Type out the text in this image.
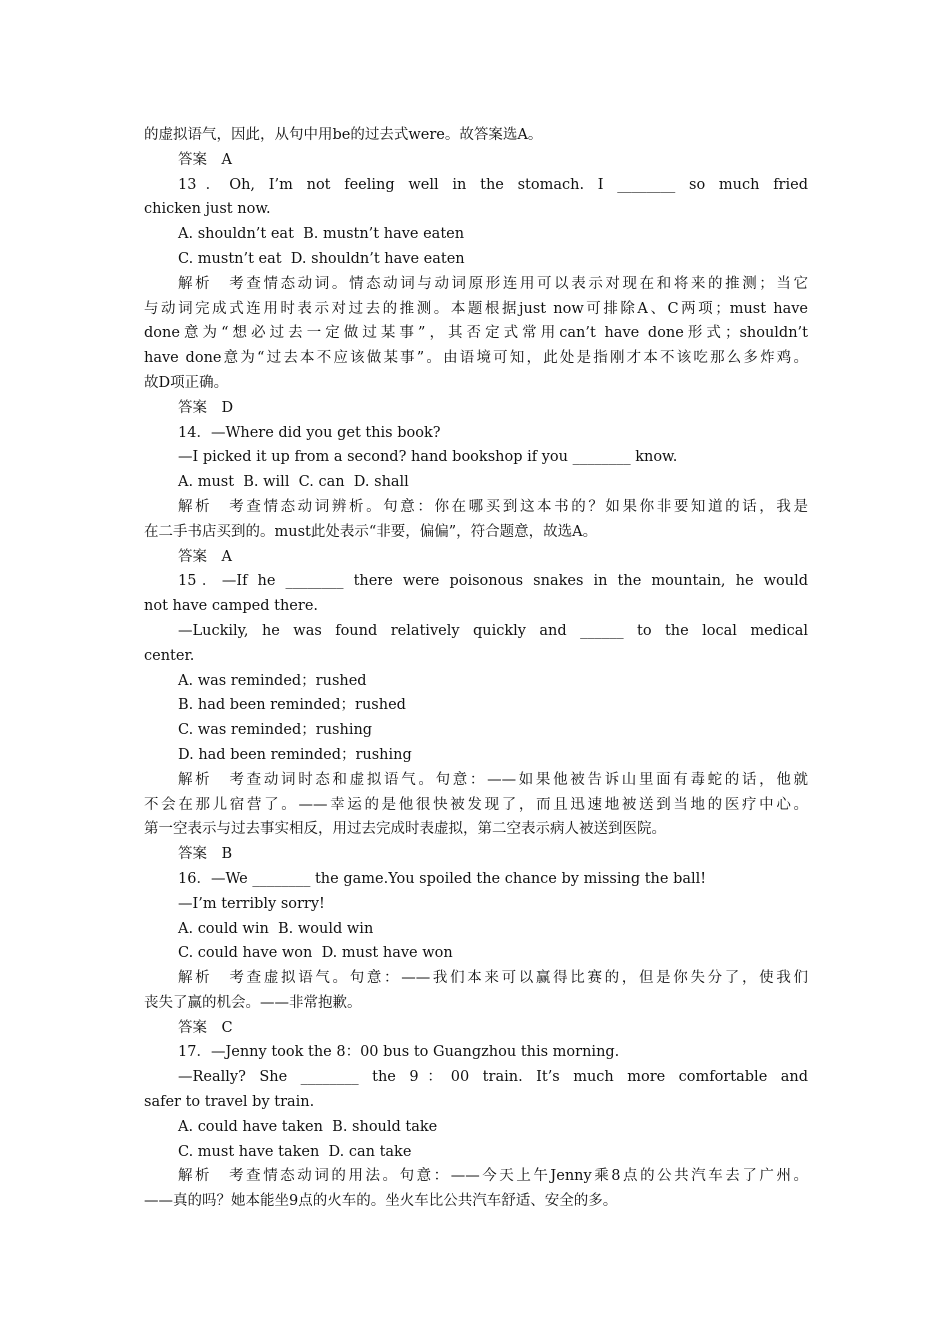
的虚拟语气，因此，从句中用be的过去式were。故答案选A。
答案　A
13．Oh, I’m not feeling well in the stomach. I ________ so much fried
chicken just now.
A. shouldn’t eat  B. mustn’t have eaten
C. mustn’t eat  D. shouldn’t have eaten
解析　考查情态动词。情态动词与动词原形连用可以表示对现在和将来的推测；当它
与动词完成式连用时表示对过去的推测。本题根据just now可排除A、C两项；must have
done意为“想必过去一定做过某事”，其否定式常用can’t have done形式；shouldn’t
have done意为“过去本不应该做某事”。由语境可知，此处是指刚才本不该吃那么多炸鸡。
故D项正确。
答案　D
14．—Where did you get this book?
—I picked it up from a second? hand bookshop if you ________ know.
A. must  B. will  C. can  D. shall
解析　考查情态动词辨析。句意：你在哪买到这本书的？如果你非要知道的话，我是
在二手书店买到的。must此处表示“非要，偏偏”，符合题意，故选A。
答案　A
15．—If he ________ there were poisonous snakes in the mountain, he would
not have camped there.
—Luckily, he was found relatively quickly and ______ to the local medical
center.
A. was reminded；rushed
B. had been reminded；rushed
C. was reminded；rushing
D. had been reminded；rushing
解析　考查动词时态和虚拟语气。句意：——如果他被告诉山里面有毒蛇的话，他就
不会在那儿宿营了。——幸运的是他很快被发现了，而且迅速地被送到当地的医疗中心。
第一空表示与过去事实相反，用过去完成时表虚拟，第二空表示病人被送到医院。
答案　B
16．—We ________ the game.You spoiled the chance by missing the ball!
—I’m terribly sorry!
A. could win  B. would win
C. could have won  D. must have won
解析　考查虚拟语气。句意：——我们本来可以赢得比赛的，但是你失分了，使我们
丧失了赢的机会。——非常抱歉。
答案　C
17．—Jenny took the 8：00 bus to Guangzhou this morning.
—Really? She ________ the 9：00 train. It’s much more comfortable and
safer to travel by train.
A. could have taken  B. should take
C. must have taken  D. can take
解析　考查情态动词的用法。句意：——今天上午Jenny乘8点的公共汽车去了广州。
——真的吗？她本能坐9点的火车的。坐火车比公共汽车舒适、安全的多。
